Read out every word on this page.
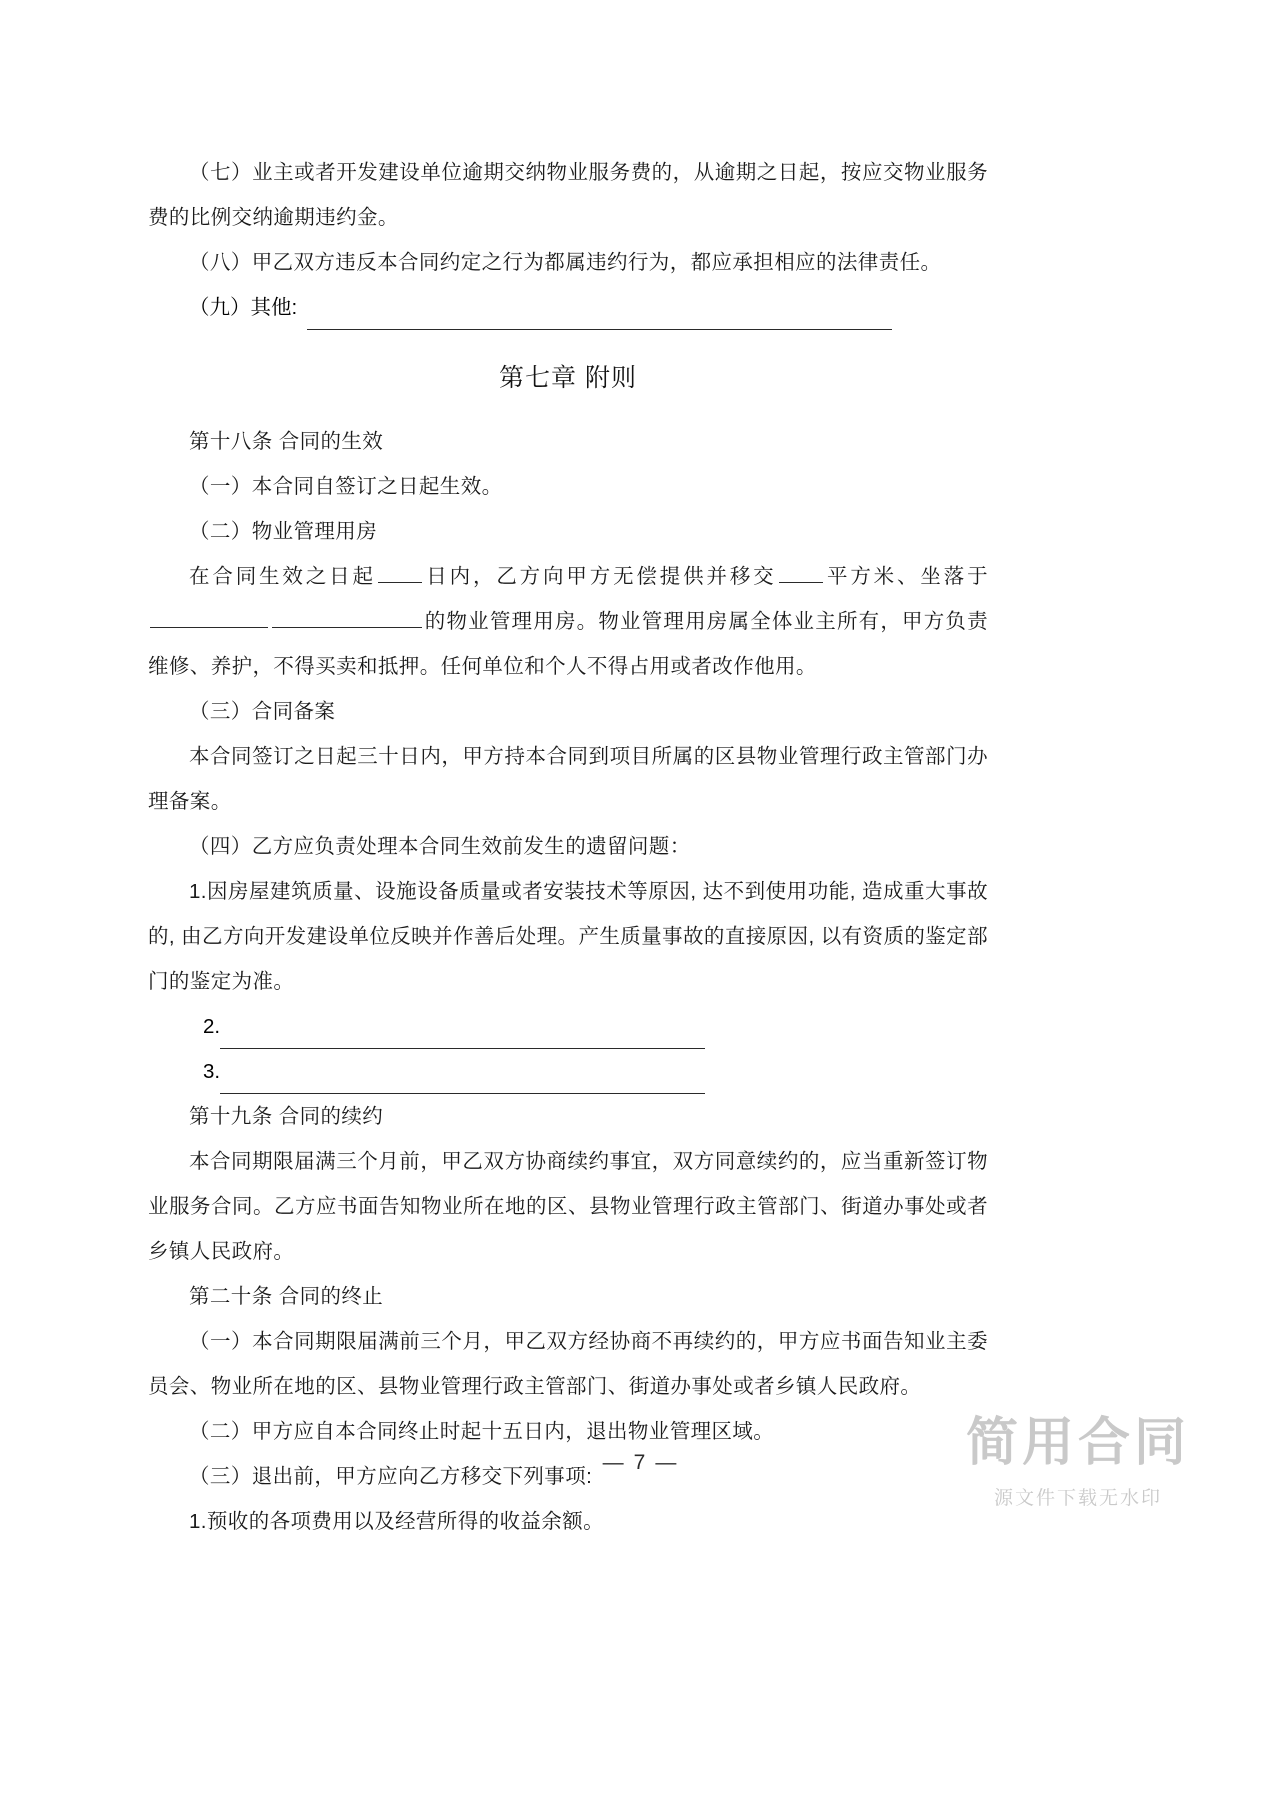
（七）业主或者开发建设单位逾期交纳物业服务费的，从逾期之日起，按应交物业服务费的比例交纳逾期违约金。

（八）甲乙双方违反本合同约定之行为都属违约行为，都应承担相应的法律责任。

（九）其他:
第七章 附则

第十八条 合同的生效

（一）本合同自签订之日起生效。

（二）物业管理用房

在合同生效之日起 日内，乙方向甲方无偿提供并移交 平方米、坐落于的物业管理用房。物业管理用房属全体业主所有，甲方负责维修、养护，不得买卖和抵押。任何单位和个人不得占用或者改作他用。

（三）合同备案

本合同签订之日起三十日内，甲方持本合同到项目所属的区县物业管理行政主管部门办理备案。

（四）乙方应负责处理本合同生效前发生的遗留问题：

1.因房屋建筑质量、设施设备质量或者安装技术等原因, 达不到使用功能, 造成重大事故的, 由乙方向开发建设单位反映并作善后处理。产生质量事故的直接原因, 以有资质的鉴定部门的鉴定为准。

2.
3.

第十九条 合同的续约

本合同期限届满三个月前，甲乙双方协商续约事宜，双方同意续约的，应当重新签订物业服务合同。乙方应书面告知物业所在地的区、县物业管理行政主管部门、街道办事处或者乡镇人民政府。

第二十条 合同的终止

（一）本合同期限届满前三个月，甲乙双方经协商不再续约的，甲方应书面告知业主委员会、物业所在地的区、县物业管理行政主管部门、街道办事处或者乡镇人民政府。

（二）甲方应自本合同终止时起十五日内，退出物业管理区域。

（三）退出前，甲方应向乙方移交下列事项:

1.预收的各项费用以及经营所得的收益余额。

简用合同
源文件下载无水印
— 7 —
